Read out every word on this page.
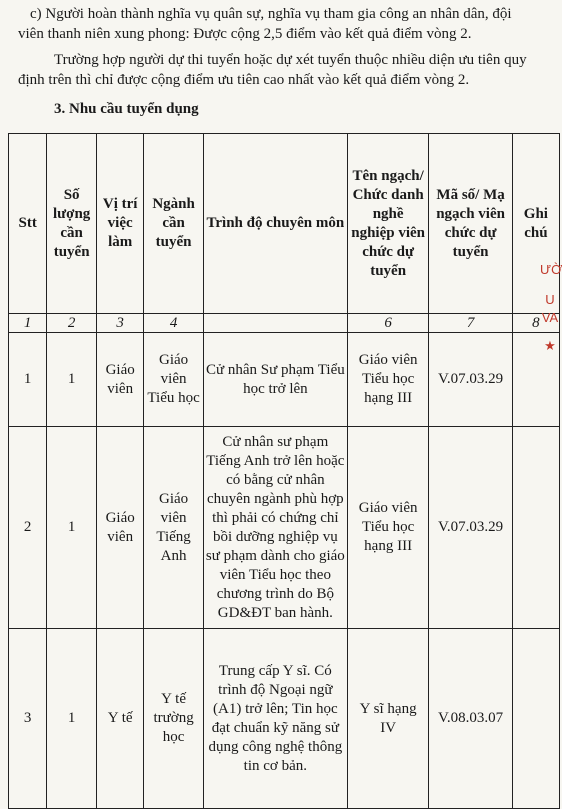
c) Người hoàn thành nghĩa vụ quân sự, nghĩa vụ tham gia công an nhân dân, đội viên thanh niên xung phong: Được cộng 2,5 điểm vào kết quả điểm vòng 2.

Trường hợp người dự thi tuyển hoặc dự xét tuyển thuộc nhiều diện ưu tiên quy định trên thì chỉ được cộng điểm ưu tiên cao nhất vào kết quả điểm vòng 2.

3. Nhu cầu tuyển dụng

Stt	Số lượng cần tuyển	Vị trí việc làm	Ngành cần tuyển	Trình độ chuyên môn	Tên ngạch/ Chức danh nghề nghiệp viên chức dự tuyển	Mã số/ Mạ ngạch viên chức dự tuyển	Ghi chú
1	2	3	4		6	7	8
1	1	Giáo viên	Giáo viên Tiểu học	Cử nhân Sư phạm Tiểu học trở lên	Giáo viên Tiểu học hạng III	V.07.03.29	
2	1	Giáo viên	Giáo viên Tiếng Anh	Cử nhân sư phạm Tiếng Anh trở lên hoặc có bằng cử nhân chuyên ngành phù hợp thì phải có chứng chỉ bồi dưỡng nghiệp vụ sư phạm dành cho giáo viên Tiểu học theo chương trình do Bộ GD&ĐT ban hành.	Giáo viên Tiểu học hạng III	V.07.03.29	
3	1	Y tế	Y tế trường học	Trung cấp Y sĩ. Có trình độ Ngoại ngữ (A1) trở lên; Tin học đạt chuẩn kỹ năng sử dụng công nghệ thông tin cơ bản.	Y sĩ hạng IV	V.08.03.07	
ƯỜ
U
VA
★
